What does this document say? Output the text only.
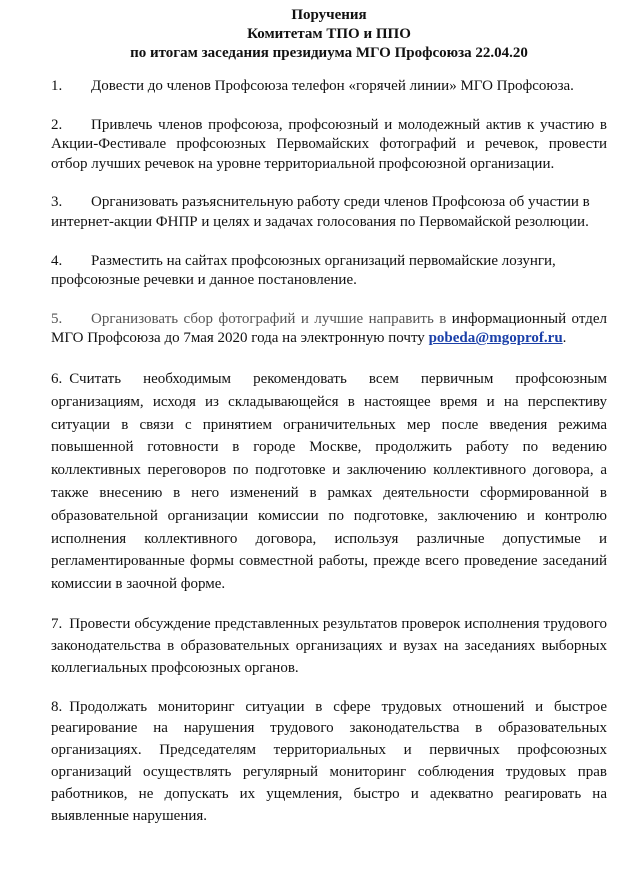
Поручения
Комитетам ТПО и ППО
по итогам заседания президиума МГО Профсоюза 22.04.20
1. Довести до членов Профсоюза телефон «горячей линии» МГО Профсоюза.
2. Привлечь членов профсоюза, профсоюзный и молодежный актив к участию в Акции-Фестивале профсоюзных Первомайских фотографий и речевок, провести отбор лучших речевок на уровне территориальной профсоюзной организации.
3. Организовать разъяснительную работу среди членов Профсоюза об участии в интернет-акции ФНПР и целях и задачах голосования по Первомайской резолюции.
4. Разместить на сайтах профсоюзных организаций первомайские лозунги, профсоюзные речевки и данное постановление.
5. Организовать сбор фотографий и лучшие направить в информационный отдел МГО Профсоюза до 7мая 2020 года на электронную почту pobeda@mgoprof.ru.
6. Считать необходимым рекомендовать всем первичным профсоюзным организациям, исходя из складывающейся в настоящее время и на перспективу ситуации в связи с принятием ограничительных мер после введения режима повышенной готовности в городе Москве, продолжить работу по ведению коллективных переговоров по подготовке и заключению коллективного договора, а также внесению в него изменений в рамках деятельности сформированной в образовательной организации комиссии по подготовке, заключению и контролю исполнения коллективного договора, используя различные допустимые и регламентированные формы совместной работы, прежде всего проведение заседаний комиссии в заочной форме.
7. Провести обсуждение представленных результатов проверок исполнения трудового законодательства в образовательных организациях и вузах на заседаниях выборных коллегиальных профсоюзных органов.
8. Продолжать мониторинг ситуации в сфере трудовых отношений и быстрое реагирование на нарушения трудового законодательства в образовательных организациях. Председателям территориальных и первичных профсоюзных организаций осуществлять регулярный мониторинг соблюдения трудовых прав работников, не допускать их ущемления, быстро и адекватно реагировать на выявленные нарушения.
